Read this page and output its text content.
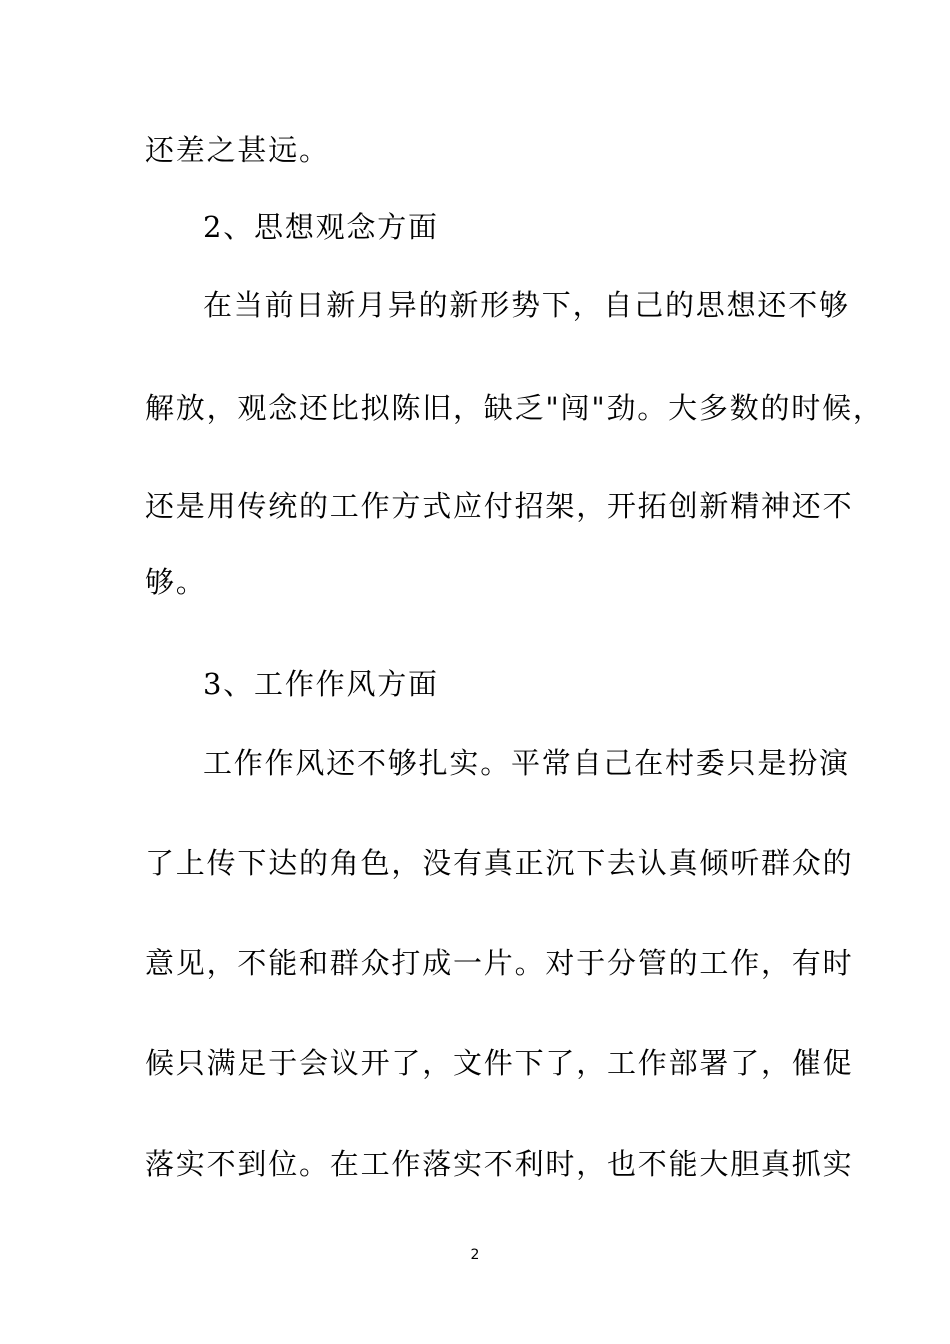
还差之甚远。
2、思想观念方面
在当前日新月异的新形势下，自己的思想还不够
解放，观念还比拟陈旧，缺乏"闯"劲。大多数的时候，
还是用传统的工作方式应付招架，开拓创新精神还不
够。
3、工作作风方面
工作作风还不够扎实。平常自己在村委只是扮演
了上传下达的角色，没有真正沉下去认真倾听群众的
意见，不能和群众打成一片。对于分管的工作，有时
候只满足于会议开了，文件下了，工作部署了，催促
落实不到位。在工作落实不利时，也不能大胆真抓实
2
